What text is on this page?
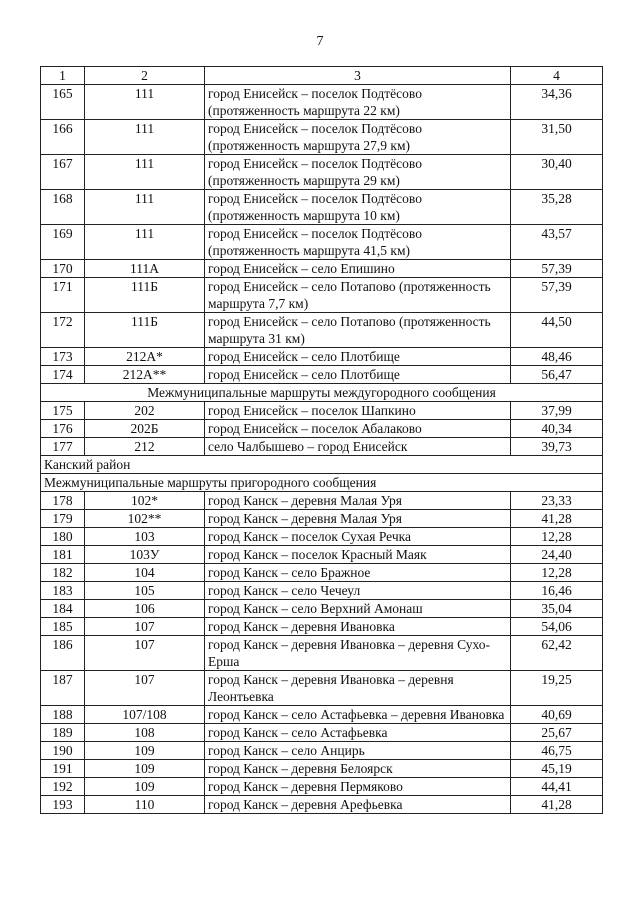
7
1	2	3	4
165	111	город Енисейск – поселок Подтёсово (протяженность маршрута 22 км)	34,36
166	111	город Енисейск – поселок Подтёсово (протяженность маршрута 27,9 км)	31,50
167	111	город Енисейск – поселок Подтёсово (протяженность маршрута 29 км)	30,40
168	111	город Енисейск – поселок Подтёсово (протяженность маршрута 10 км)	35,28
169	111	город Енисейск – поселок Подтёсово (протяженность маршрута 41,5 км)	43,57
170	111А	город Енисейск – село Епишино	57,39
171	111Б	город Енисейск – село Потапово (протяженность маршрута 7,7 км)	57,39
172	111Б	город Енисейск – село Потапово (протяженность маршрута 31 км)	44,50
173	212А*	город Енисейск – село Плотбище	48,46
174	212А**	город Енисейск – село Плотбище	56,47
Межмуниципальные маршруты междугородного сообщения			
175	202	город Енисейск – поселок Шапкино	37,99
176	202Б	город Енисейск – поселок Абалаково	40,34
177	212	село Чалбышево – город Енисейск	39,73
Канский район			
Межмуниципальные маршруты пригородного сообщения			
178	102*	город Канск – деревня Малая Уря	23,33
179	102**	город Канск – деревня Малая Уря	41,28
180	103	город Канск – поселок Сухая Речка	12,28
181	103У	город Канск – поселок Красный Маяк	24,40
182	104	город Канск – село Бражное	12,28
183	105	город Канск – село Чечеул	16,46
184	106	город Канск – село Верхний Амонаш	35,04
185	107	город Канск – деревня Ивановка	54,06
186	107	город Канск – деревня Ивановка – деревня Сухо-Ерша	62,42
187	107	город Канск – деревня Ивановка – деревня Леонтьевка	19,25
188	107/108	город Канск – село Астафьевка – деревня Ивановка	40,69
189	108	город Канск – село Астафьевка	25,67
190	109	город Канск – село Анцирь	46,75
191	109	город Канск – деревня Белоярск	45,19
192	109	город Канск – деревня Пермяково	44,41
193	110	город Канск – деревня Арефьевка	41,28
